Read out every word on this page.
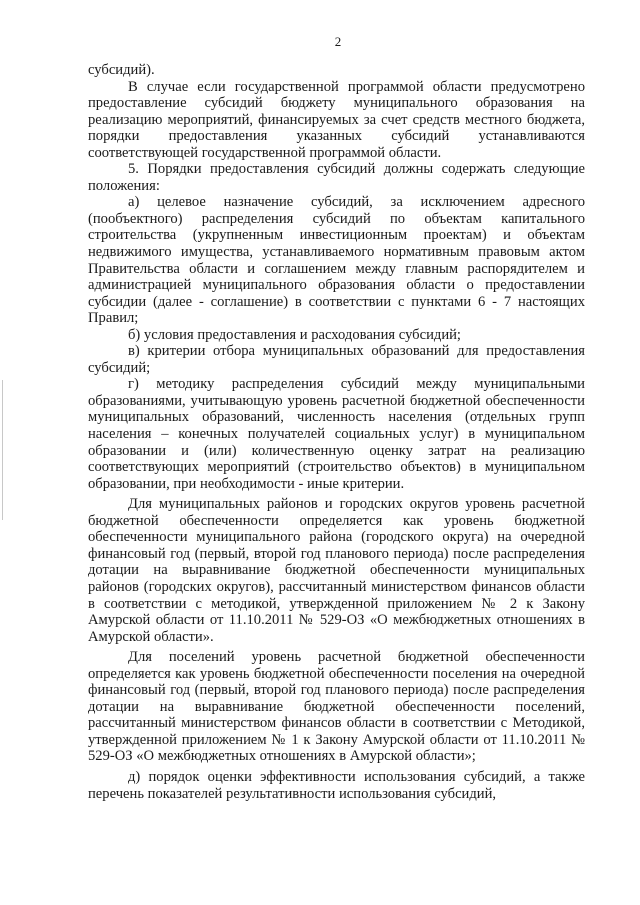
2

субсидий).

В случае если государственной программой области предусмотрено предоставление субсидий бюджету муниципального образования на реализацию мероприятий, финансируемых за счет средств местного бюджета, порядки предоставления указанных субсидий устанавливаются соответствующей государственной программой области.

5. Порядки предоставления субсидий должны содержать следующие положения:

а) целевое назначение субсидий, за исключением адресного (пообъектного) распределения субсидий по объектам капитального строительства (укрупненным инвестиционным проектам) и объектам недвижимого имущества, устанавливаемого нормативным правовым актом Правительства области и соглашением между главным распорядителем и администрацией муниципального образования области о предоставлении субсидии (далее - соглашение) в соответствии с пунктами 6 - 7 настоящих Правил;

б) условия предоставления и расходования субсидий;

в) критерии отбора муниципальных образований для предоставления субсидий;

г) методику распределения субсидий между муниципальными образованиями, учитывающую уровень расчетной бюджетной обеспеченности муниципальных образований, численность населения (отдельных групп населения – конечных получателей социальных услуг) в муниципальном образовании и (или) количественную оценку затрат на реализацию соответствующих мероприятий (строительство объектов) в муниципальном образовании, при необходимости - иные критерии.

Для муниципальных районов и городских округов уровень расчетной бюджетной обеспеченности определяется как уровень бюджетной обеспеченности муниципального района (городского округа) на очередной финансовый год (первый, второй год планового периода) после распределения дотации на выравнивание бюджетной обеспеченности муниципальных районов (городских округов), рассчитанный министерством финансов области в соответствии с методикой, утвержденной приложением № 2 к Закону Амурской области от 11.10.2011 № 529-ОЗ «О межбюджетных отношениях в Амурской области».

Для поселений уровень расчетной бюджетной обеспеченности определяется как уровень бюджетной обеспеченности поселения на очередной финансовый год (первый, второй год планового периода) после распределения дотации на выравнивание бюджетной обеспеченности поселений, рассчитанный министерством финансов области в соответствии с Методикой, утвержденной приложением № 1 к Закону Амурской области от 11.10.2011 № 529-ОЗ «О межбюджетных отношениях в Амурской области»;

д) порядок оценки эффективности использования субсидий, а также перечень показателей результативности использования субсидий,
